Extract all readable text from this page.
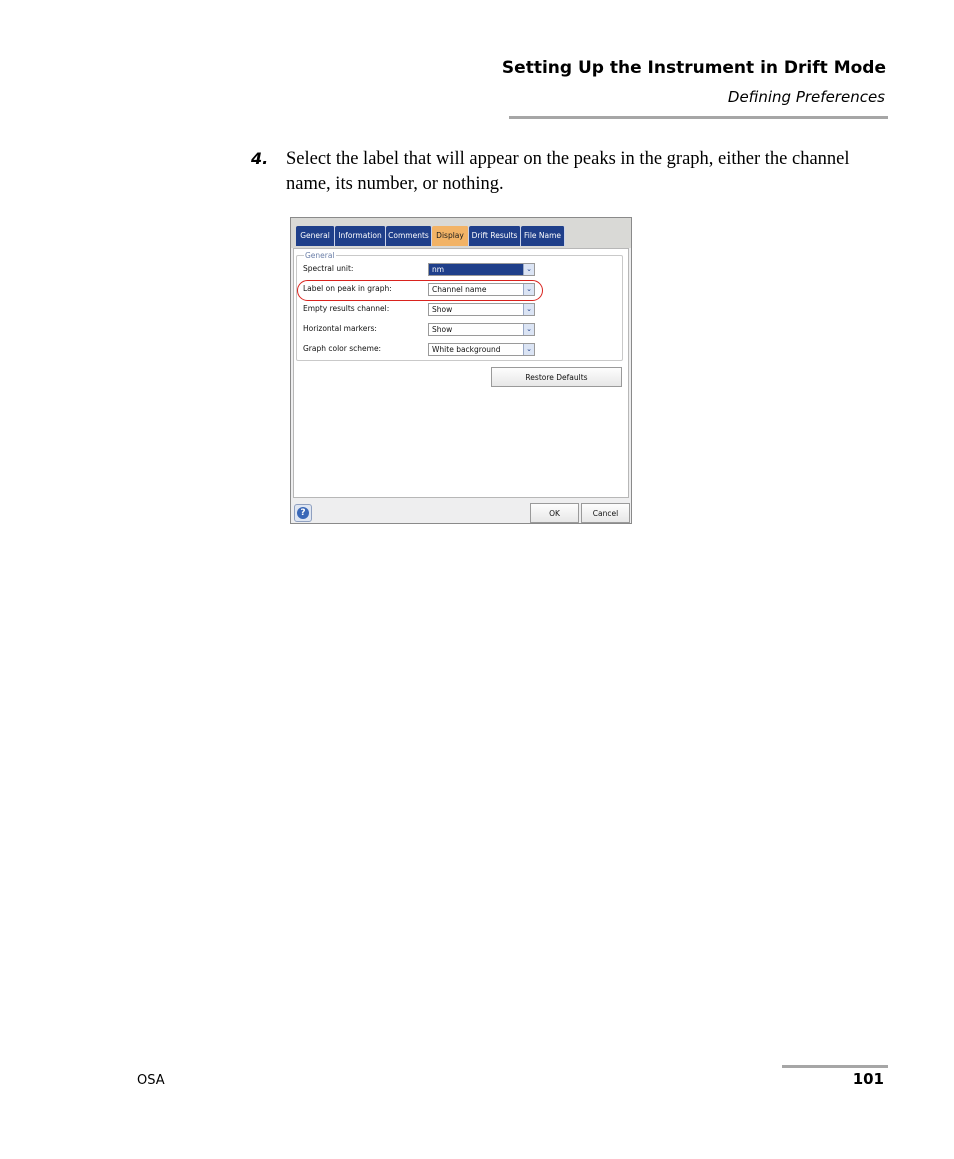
Setting Up the Instrument in Drift Mode
Defining Preferences
4. Select the label that will appear on the peaks in the graph, either the channel name, its number, or nothing.
General	Information Comments Display	Drift Results File Name
General
Spectral unit:	nm	⌄
Label on peak in graph:	Channel name	⌄
Empty results channel:	Show	⌄
Horizontal markers:	Show	⌄
Graph color scheme:	White background	⌄
Restore Defaults
?	OK	Cancel
OSA	101
